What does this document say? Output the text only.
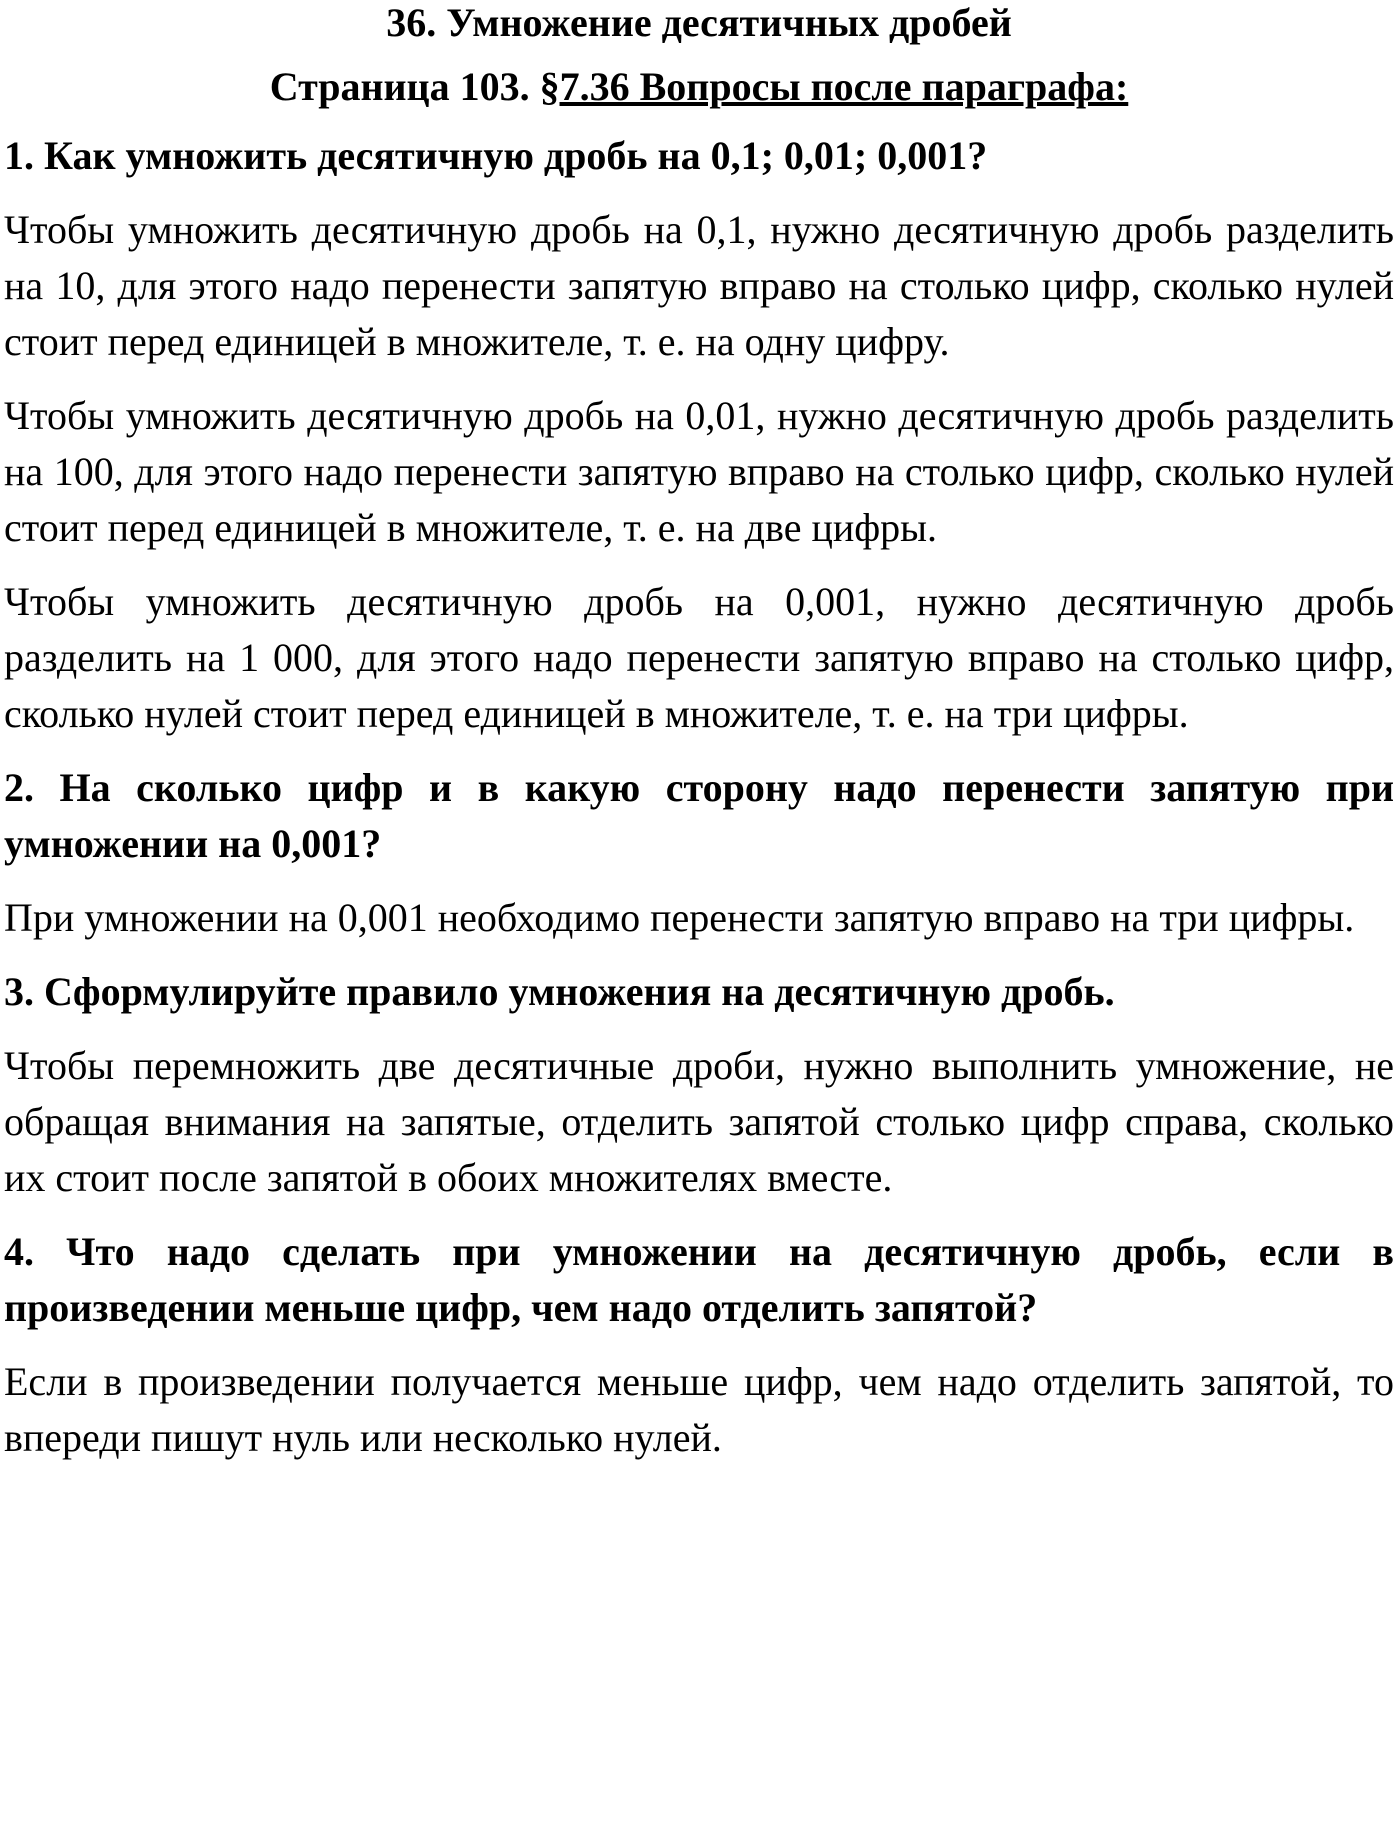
36. Умножение десятичных дробей

Страница 103. §7.36 Вопросы после параграфа:

1. Как умножить десятичную дробь на 0,1; 0,01; 0,001?

Чтобы умножить десятичную дробь на 0,1, нужно десятичную дробь разделить на 10, для этого надо перенести запятую вправо на столько цифр, сколько нулей стоит перед единицей в множителе, т. е. на одну цифру.

Чтобы умножить десятичную дробь на 0,01, нужно десятичную дробь разделить на 100, для этого надо перенести запятую вправо на столько цифр, сколько нулей стоит перед единицей в множителе, т. е. на две цифры.

Чтобы умножить десятичную дробь на 0,001, нужно десятичную дробь разделить на 1 000, для этого надо перенести запятую вправо на столько цифр, сколько нулей стоит перед единицей в множителе, т. е. на три цифры.

2. На сколько цифр и в какую сторону надо перенести запятую при умножении на 0,001?

При умножении на 0,001 необходимо перенести запятую вправо на три цифры.

3. Сформулируйте правило умножения на десятичную дробь.

Чтобы перемножить две десятичные дроби, нужно выполнить умножение, не обращая внимания на запятые, отделить запятой столько цифр справа, сколько их стоит после запятой в обоих множителях вместе.

4. Что надо сделать при умножении на десятичную дробь, если в произведении меньше цифр, чем надо отделить запятой?

Если в произведении получается меньше цифр, чем надо отделить запятой, то впереди пишут нуль или несколько нулей.
